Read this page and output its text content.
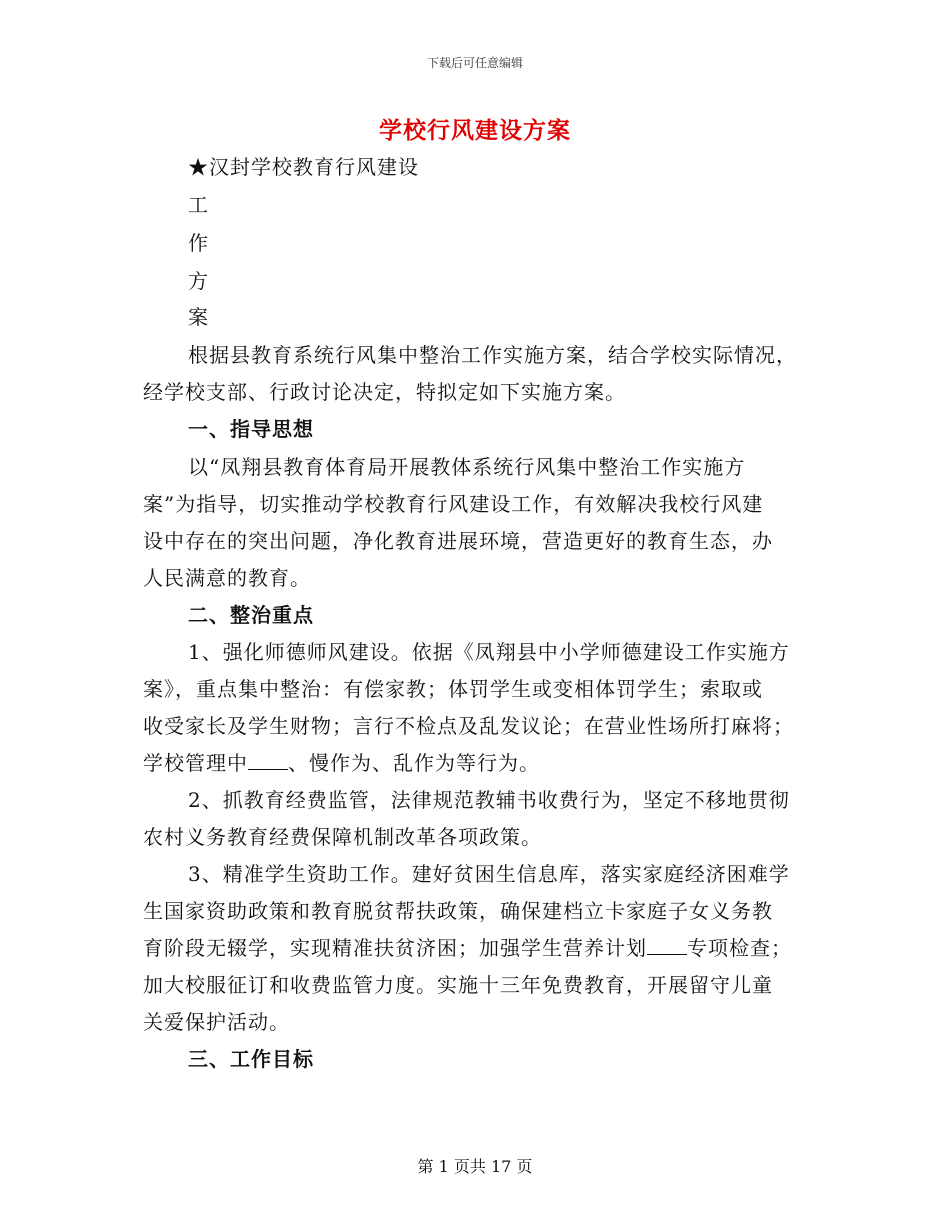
下载后可任意编辑
学校行风建设方案
★汉封学校教育行风建设
工
作
方
案
根据县教育系统行风集中整治工作实施方案，结合学校实际情况，
经学校支部、行政讨论决定，特拟定如下实施方案。
一、指导思想
以“凤翔县教育体育局开展教体系统行风集中整治工作实施方
案”为指导，切实推动学校教育行风建设工作，有效解决我校行风建
设中存在的突出问题，净化教育进展环境，营造更好的教育生态，办
人民满意的教育。
二、整治重点
1、强化师德师风建设。依据《凤翔县中小学师德建设工作实施方
案》，重点集中整治：有偿家教；体罚学生或变相体罚学生；索取或
收受家长及学生财物；言行不检点及乱发议论；在营业性场所打麻将；
学校管理中 、慢作为、乱作为等行为。
2、抓教育经费监管，法律规范教辅书收费行为，坚定不移地贯彻
农村义务教育经费保障机制改革各项政策。
3、精准学生资助工作。建好贫困生信息库，落实家庭经济困难学
生国家资助政策和教育脱贫帮扶政策，确保建档立卡家庭子女义务教
育阶段无辍学，实现精准扶贫济困；加强学生营养计划 专项检查；
加大校服征订和收费监管力度。实施十三年免费教育，开展留守儿童
关爱保护活动。
三、工作目标
第 1 页共 17 页
